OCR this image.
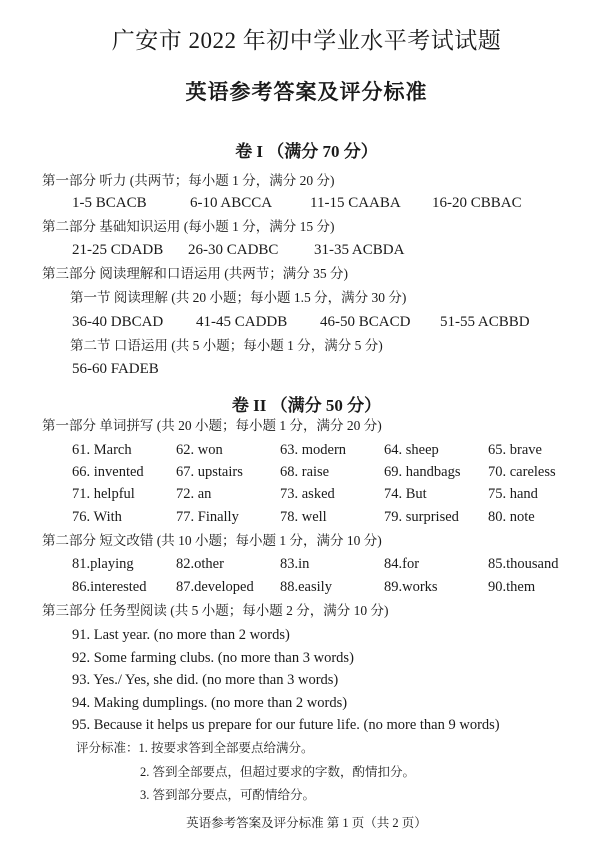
广安市 2022 年初中学业水平考试试题
英语参考答案及评分标准
卷 I （满分 70 分）
第一部分 听力 (共两节；每小题 1 分，满分 20 分)
1-5 BCACB	6-10 ABCCA	11-15 CAABA 16-20 CBBAC
第二部分 基础知识运用 (每小题 1 分，满分 15 分)
21-25 CDADB 26-30 CADBC 31-35 ACBDA
第三部分 阅读理解和口语运用 (共两节；满分 35 分)
第一节 阅读理解 (共 20 小题；每小题 1.5 分，满分 30 分)
36-40 DBCAD 41-45 CADDB 46-50 BCACD 51-55 ACBBD
第二节 口语运用 (共 5 小题；每小题 1 分，满分 5 分)
56-60 FADEB
卷 II （满分 50 分）
第一部分 单词拼写 (共 20 小题；每小题 1 分，满分 20 分)
61. March	62. won	63. modern	64. sheep	65. brave
66. invented 67. upstairs	68. raise	69. handbags 70. careless
71. helpful	72. an	73. asked	74. But	75. hand
76. With	77. Finally	78. well	79. surprised 80. note
第二部分 短文改错 (共 10 小题；每小题 1 分，满分 10 分)
81.playing	82.other	83.in	84.for	85.thousand
86.interested 87.developed 88.easily	89.works	90.them
第三部分 任务型阅读 (共 5 小题；每小题 2 分，满分 10 分)
91. Last year. (no more than 2 words)
92. Some farming clubs. (no more than 3 words)
93. Yes./ Yes, she did. (no more than 3 words)
94. Making dumplings. (no more than 2 words)
95. Because it helps us prepare for our future life. (no more than 9 words)
评分标准：1. 按要求答到全部要点给满分。
2. 答到全部要点，但超过要求的字数，酌情扣分。
3. 答到部分要点，可酌情给分。
英语参考答案及评分标准 第 1 页（共 2 页）
